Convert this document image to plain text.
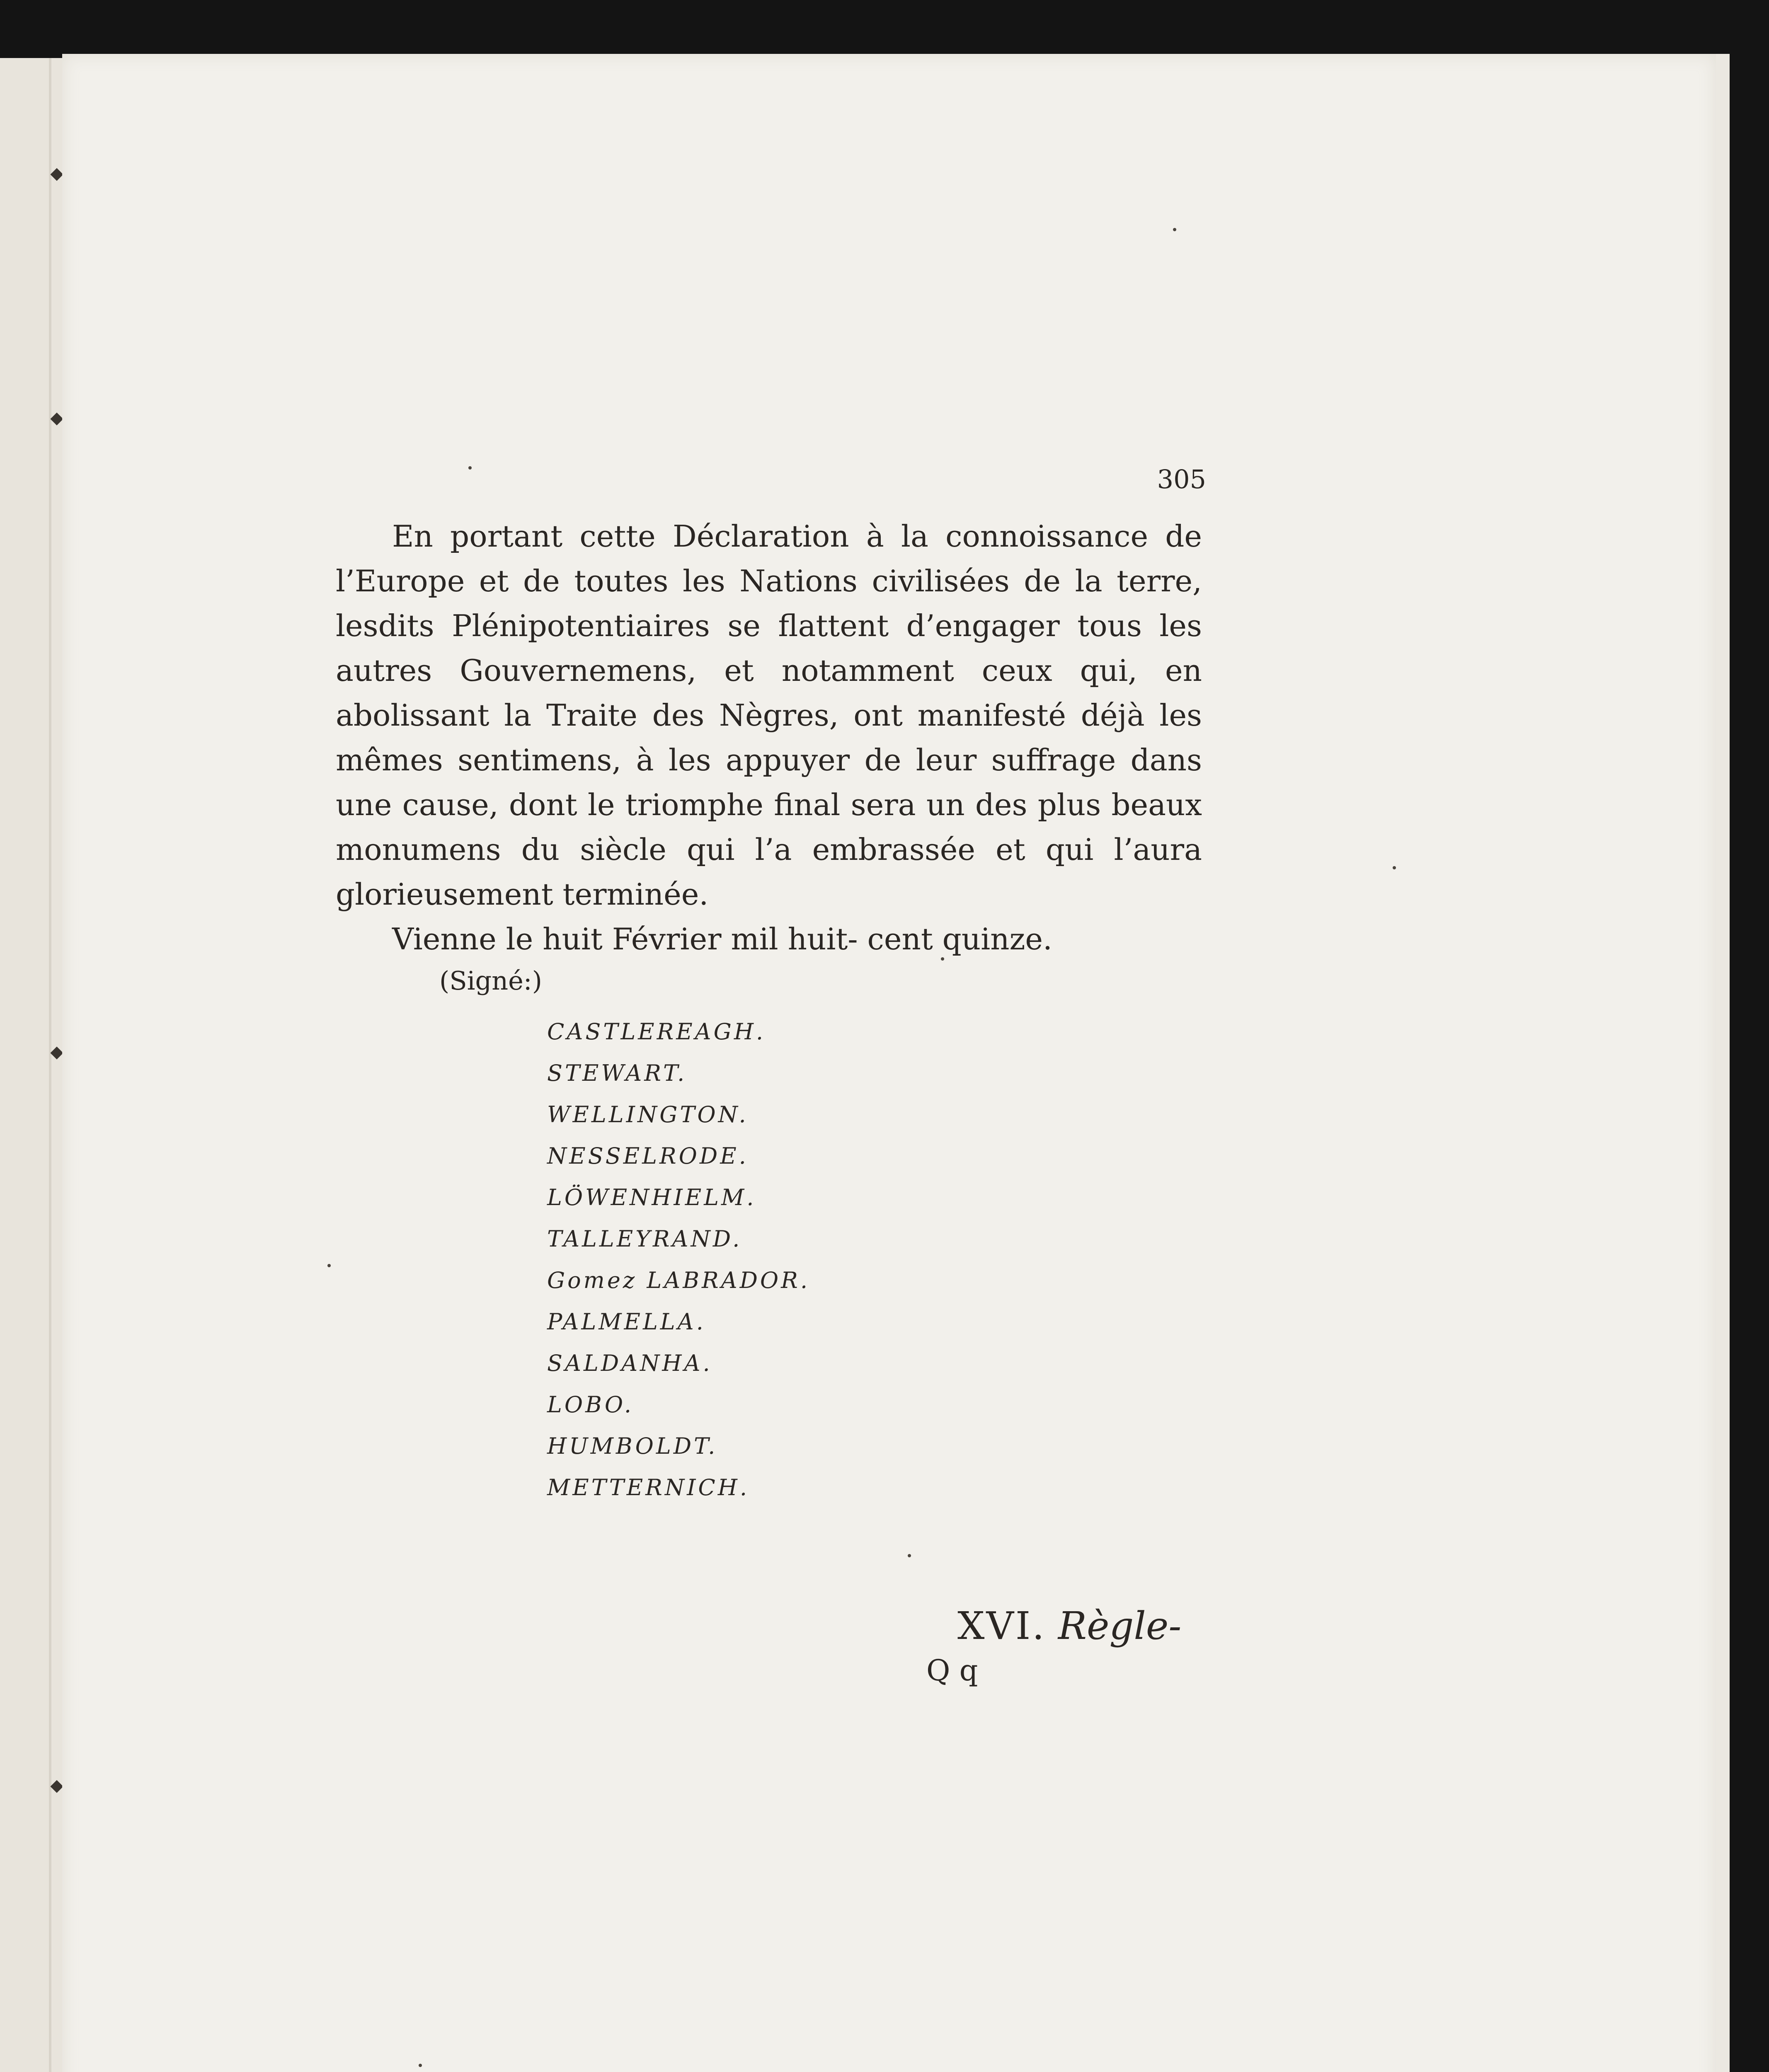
305

En portant cette Déclaration à la connoissance de l’Europe et de toutes les Nations civilisées de la terre, lesdits Plénipotentiaires se flattent d’engager tous les autres Gouvernemens, et notamment ceux qui, en abolissant la Traite des Nègres, ont manifesté déjà les mêmes sentimens, à les appuyer de leur suffrage dans une cause, dont le triomphe final sera un des plus beaux monumens du siècle qui l’a embrassée et qui l’aura glorieusement terminée.

Vienne le huit Février mil huit- cent quinze.

(Signé:)
CASTLEREAGH.
STEWART.
WELLINGTON.
NESSELRODE.
LÖWENHIELM.
TALLEYRAND.
Gomez LABRADOR.
PALMELLA.
SALDANHA.
LOBO.
HUMBOLDT.
METTERNICH.
XVI. Règle-
Q q
